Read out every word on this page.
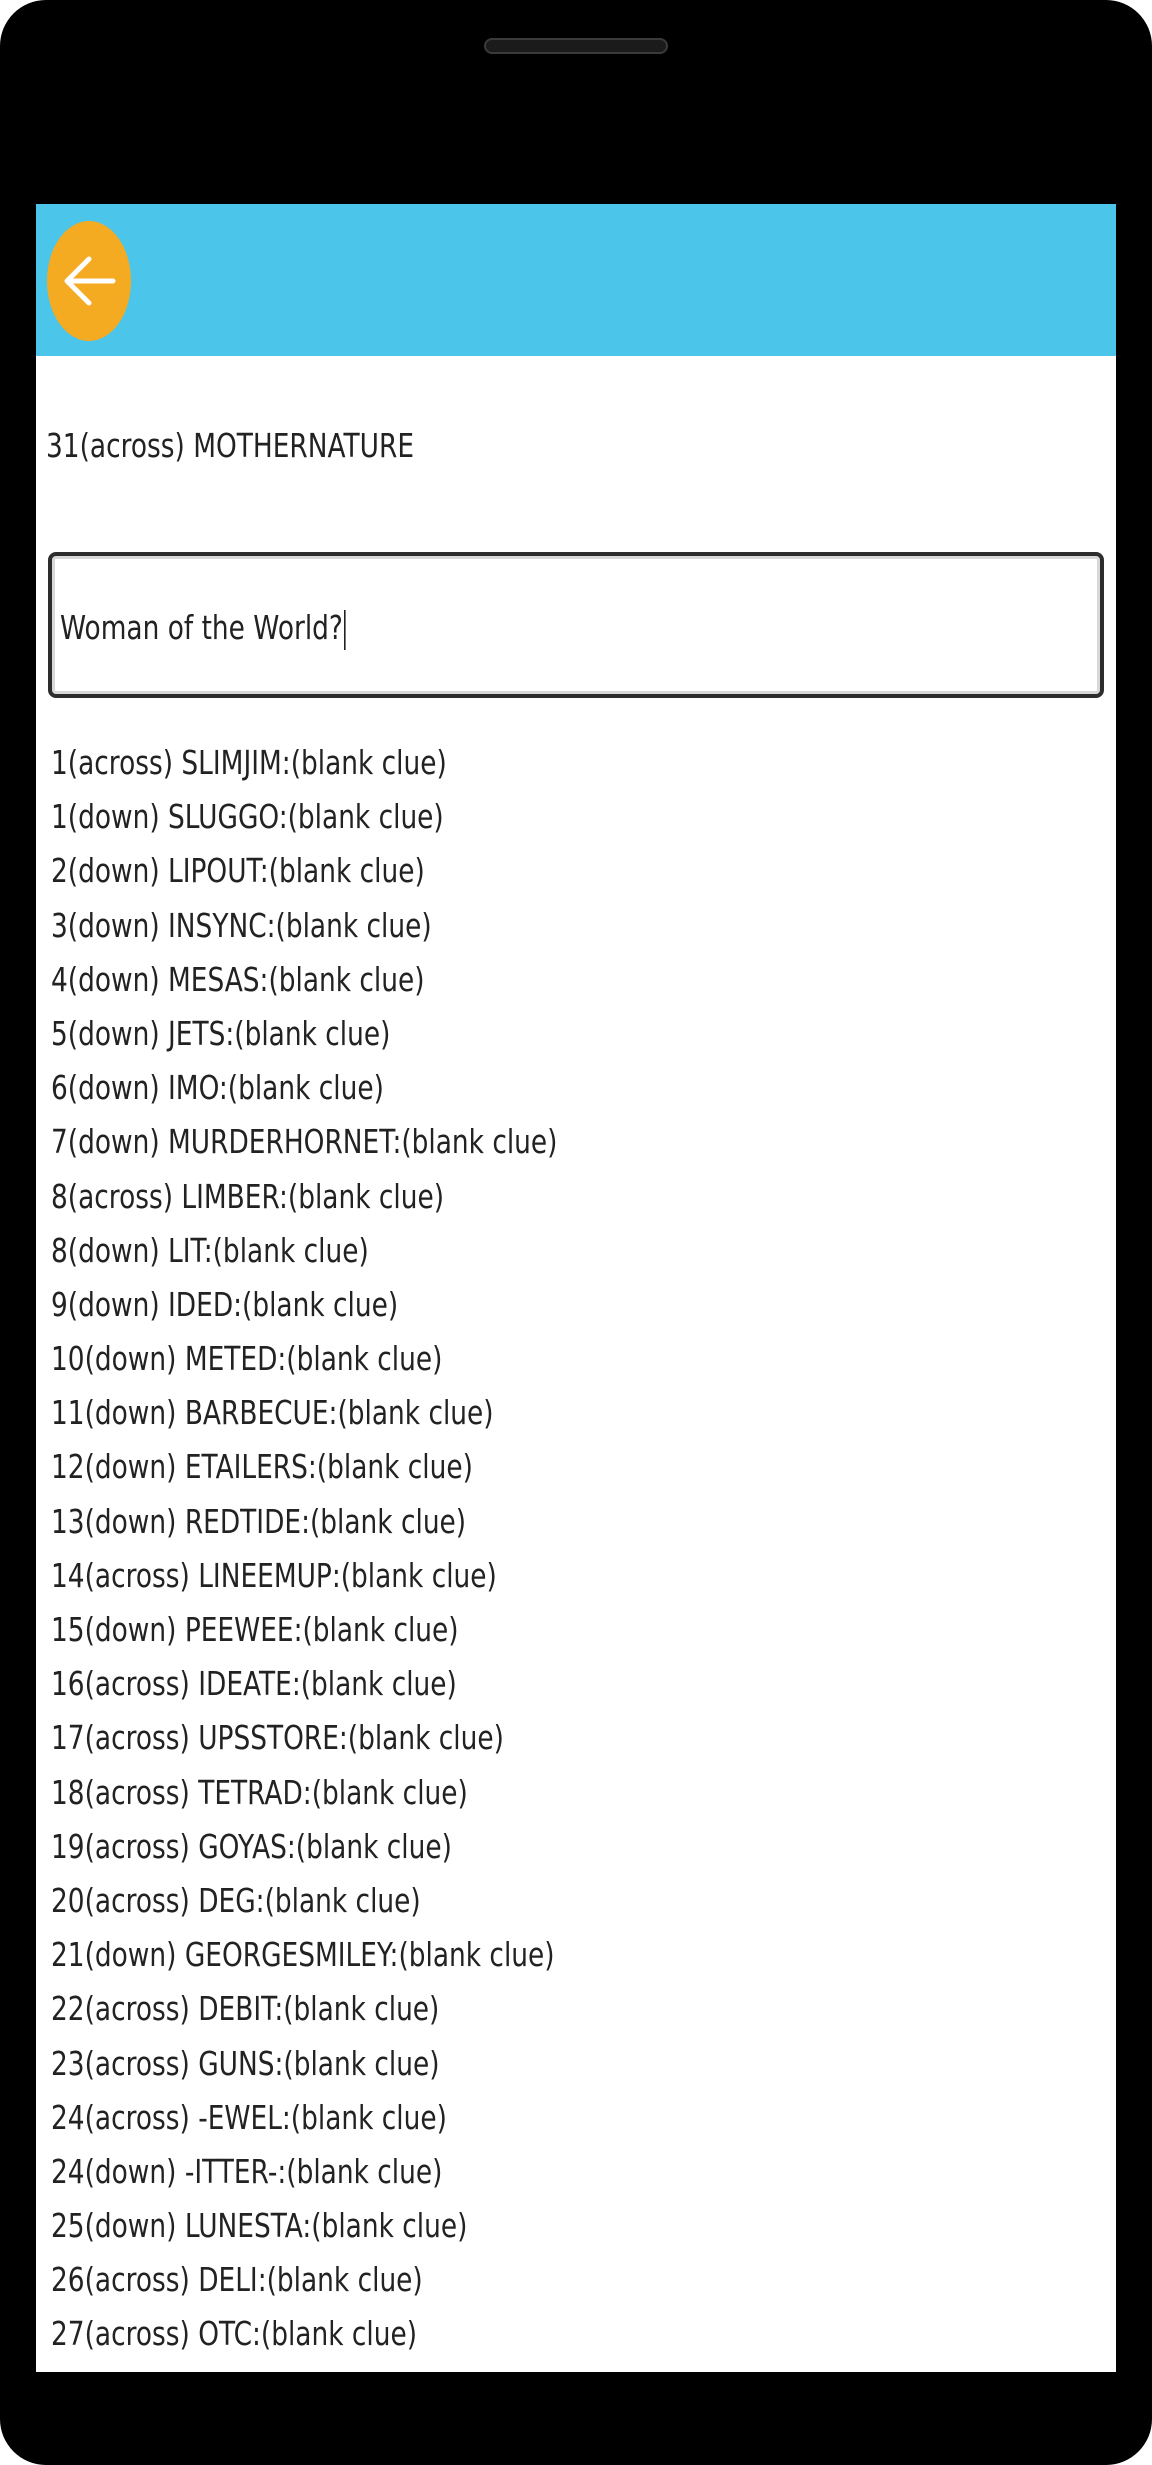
31(across) MOTHERNATURE
Woman of the World?
1(across) SLIMJIM:(blank clue)
1(down) SLUGGO:(blank clue)
2(down) LIPOUT:(blank clue)
3(down) INSYNC:(blank clue)
4(down) MESAS:(blank clue)
5(down) JETS:(blank clue)
6(down) IMO:(blank clue)
7(down) MURDERHORNET:(blank clue)
8(across) LIMBER:(blank clue)
8(down) LIT:(blank clue)
9(down) IDED:(blank clue)
10(down) METED:(blank clue)
11(down) BARBECUE:(blank clue)
12(down) ETAILERS:(blank clue)
13(down) REDTIDE:(blank clue)
14(across) LINEEMUP:(blank clue)
15(down) PEEWEE:(blank clue)
16(across) IDEATE:(blank clue)
17(across) UPSSTORE:(blank clue)
18(across) TETRAD:(blank clue)
19(across) GOYAS:(blank clue)
20(across) DEG:(blank clue)
21(down) GEORGESMILEY:(blank clue)
22(across) DEBIT:(blank clue)
23(across) GUNS:(blank clue)
24(across) -EWEL:(blank clue)
24(down) -ITTER-:(blank clue)
25(down) LUNESTA:(blank clue)
26(across) DELI:(blank clue)
27(across) OTC:(blank clue)
